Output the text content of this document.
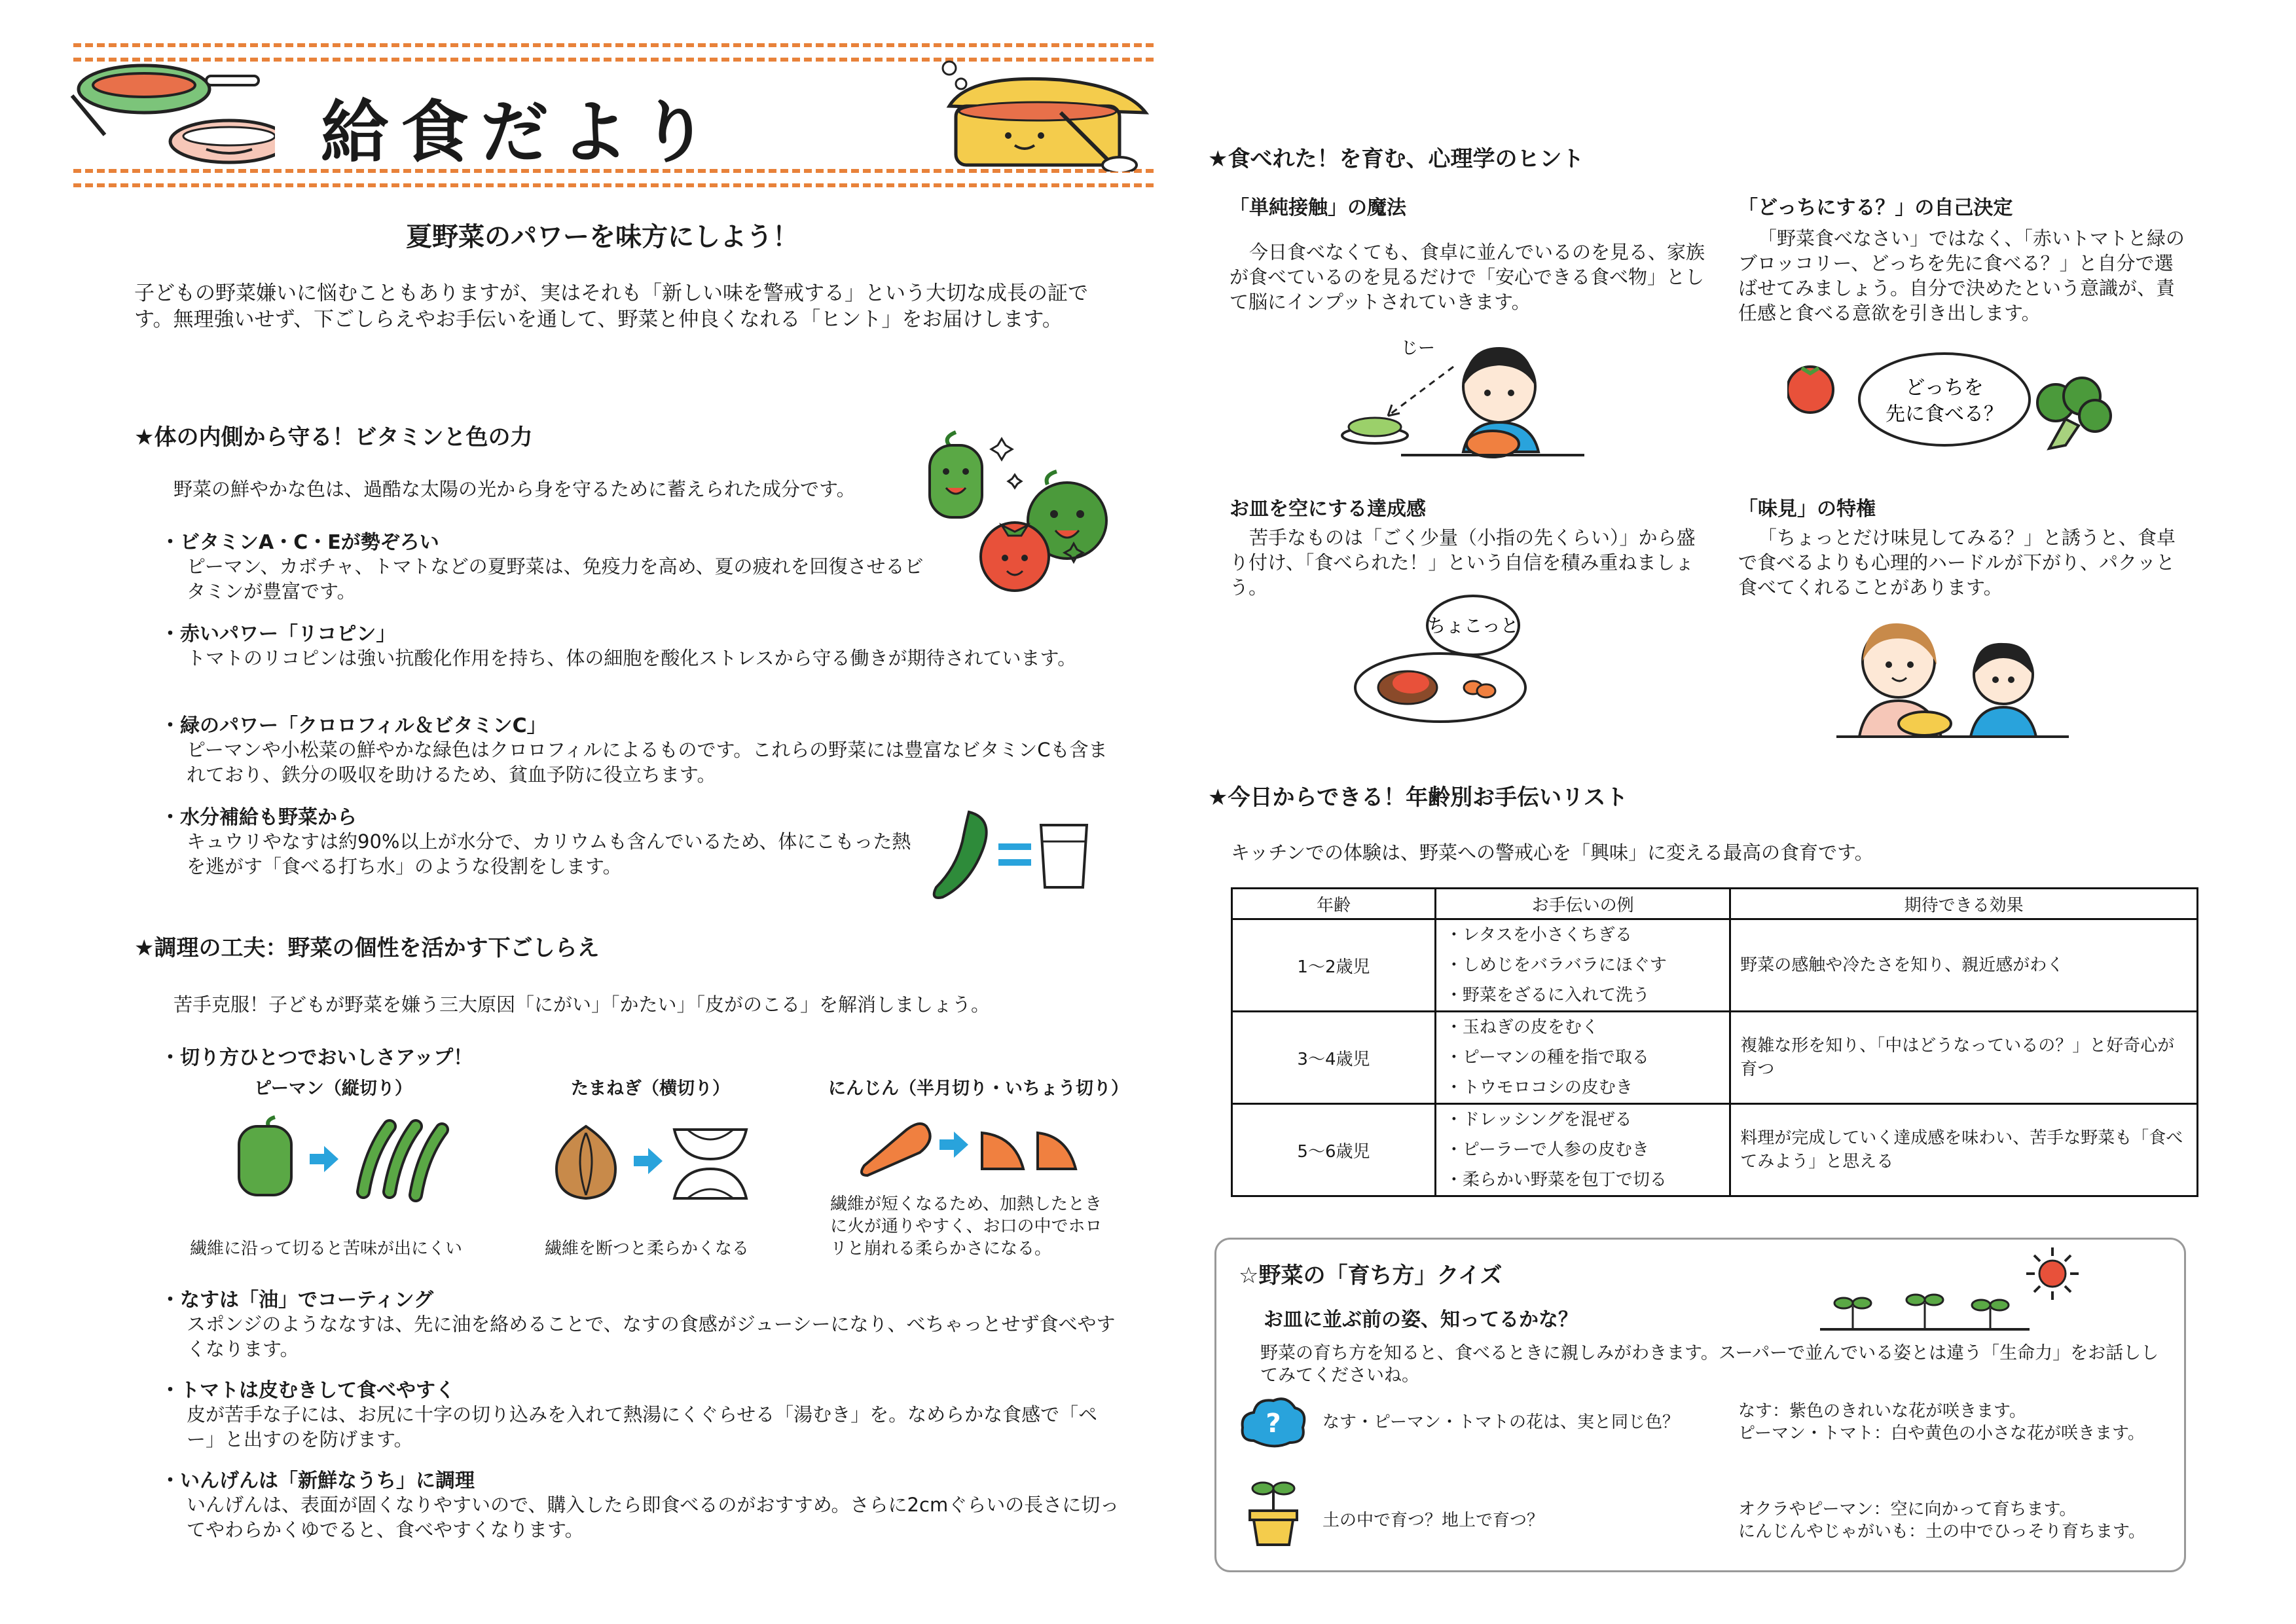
給食だより
夏野菜のパワーを味方にしよう！
子どもの野菜嫌いに悩むこともありますが、実はそれも「新しい味を警戒する」という大切な成長の証です。無理強いせず、下ごしらえやお手伝いを通して、野菜と仲良くなれる「ヒント」をお届けします。
★体の内側から守る！ビタミンと色の力
野菜の鮮やかな色は、過酷な太陽の光から身を守るために蓄えられた成分です。
・ビタミンA・C・Eが勢ぞろい
ピーマン、カボチャ、トマトなどの夏野菜は、免疫力を高め、夏の疲れを回復させるビタミンが豊富です。
・赤いパワー「リコピン」
トマトのリコピンは強い抗酸化作用を持ち、体の細胞を酸化ストレスから守る働きが期待されています。
・緑のパワー「クロロフィル＆ビタミンC」
ピーマンや小松菜の鮮やかな緑色はクロロフィルによるものです。これらの野菜には豊富なビタミンCも含まれており、鉄分の吸収を助けるため、貧血予防に役立ちます。
・水分補給も野菜から
キュウリやなすは約90%以上が水分で、カリウムも含んでいるため、体にこもった熱を逃がす「食べる打ち水」のような役割をします。
★調理の工夫：野菜の個性を活かす下ごしらえ
苦手克服！子どもが野菜を嫌う三大原因「にがい」「かたい」「皮がのこる」を解消しましょう。
・切り方ひとつでおいしさアップ！
ピーマン（縦切り）	たまねぎ（横切り）	にんじん（半月切り・いちょう切り）
繊維に沿って切ると苦味が出にくい	繊維を断つと柔らかくなる
繊維が短くなるため、加熱したときに火が通りやすく、お口の中でホロリと崩れる柔らかさになる。
・なすは「油」でコーティング
スポンジのようななすは、先に油を絡めることで、なすの食感がジューシーになり、べちゃっとせず食べやすくなります。
・トマトは皮むきして食べやすく
皮が苦手な子には、お尻に十字の切り込みを入れて熱湯にくぐらせる「湯むき」を。なめらかな食感で「ペー」と出すのを防げます。
・いんげんは「新鮮なうち」に調理
いんげんは、表面が固くなりやすいので、購入したら即食べるのがおすすめ。さらに2cmぐらいの長さに切ってやわらかくゆでると、食べやすくなります。
★食べれた！を育む、心理学のヒント
「単純接触」の魔法
今日食べなくても、食卓に並んでいるのを見る、家族が食べているのを見るだけで「安心できる食べ物」として脳にインプットされていきます。
「どっちにする？」の自己決定
「野菜食べなさい」ではなく、「赤いトマトと緑のブロッコリー、どっちを先に食べる？」と自分で選ばせてみましょう。自分で決めたという意識が、責任感と食べる意欲を引き出します。
じー
どっちを
先に食べる？
お皿を空にする達成感
苦手なものは「ごく少量（小指の先くらい）」から盛り付け、「食べられた！」という自信を積み重ねましょう。
「味見」の特権
「ちょっとだけ味見してみる？」と誘うと、食卓で食べるよりも心理的ハードルが下がり、パクッと食べてくれることがあります。
ちょこっと
★今日からできる！年齢別お手伝いリスト
キッチンでの体験は、野菜への警戒心を「興味」に変える最高の食育です。
年齢	お手伝いの例	期待できる効果
1〜2歳児	・レタスを小さくちぎる
・しめじをバラバラにほぐす
・野菜をざるに入れて洗う	野菜の感触や冷たさを知り、親近感がわく
3〜4歳児	・玉ねぎの皮をむく
・ピーマンの種を指で取る
・トウモロコシの皮むき	複雑な形を知り、「中はどうなっているの？」と好奇心が育つ
5〜6歳児	・ドレッシングを混ぜる
・ピーラーで人参の皮むき
・柔らかい野菜を包丁で切る	料理が完成していく達成感を味わい、苦手な野菜も「食べてみよう」と思える
☆野菜の「育ち方」クイズ
お皿に並ぶ前の姿、知ってるかな？
野菜の育ち方を知ると、食べるときに親しみがわきます。スーパーで並んでいる姿とは違う「生命力」をお話ししてみてくださいね。
? なす・ピーマン・トマトの花は、実と同じ色？
なす：紫色のきれいな花が咲きます。
ピーマン・トマト：白や黄色の小さな花が咲きます。
土の中で育つ？地上で育つ？
オクラやピーマン：空に向かって育ちます。
にんじんやじゃがいも：土の中でひっそり育ちます。
